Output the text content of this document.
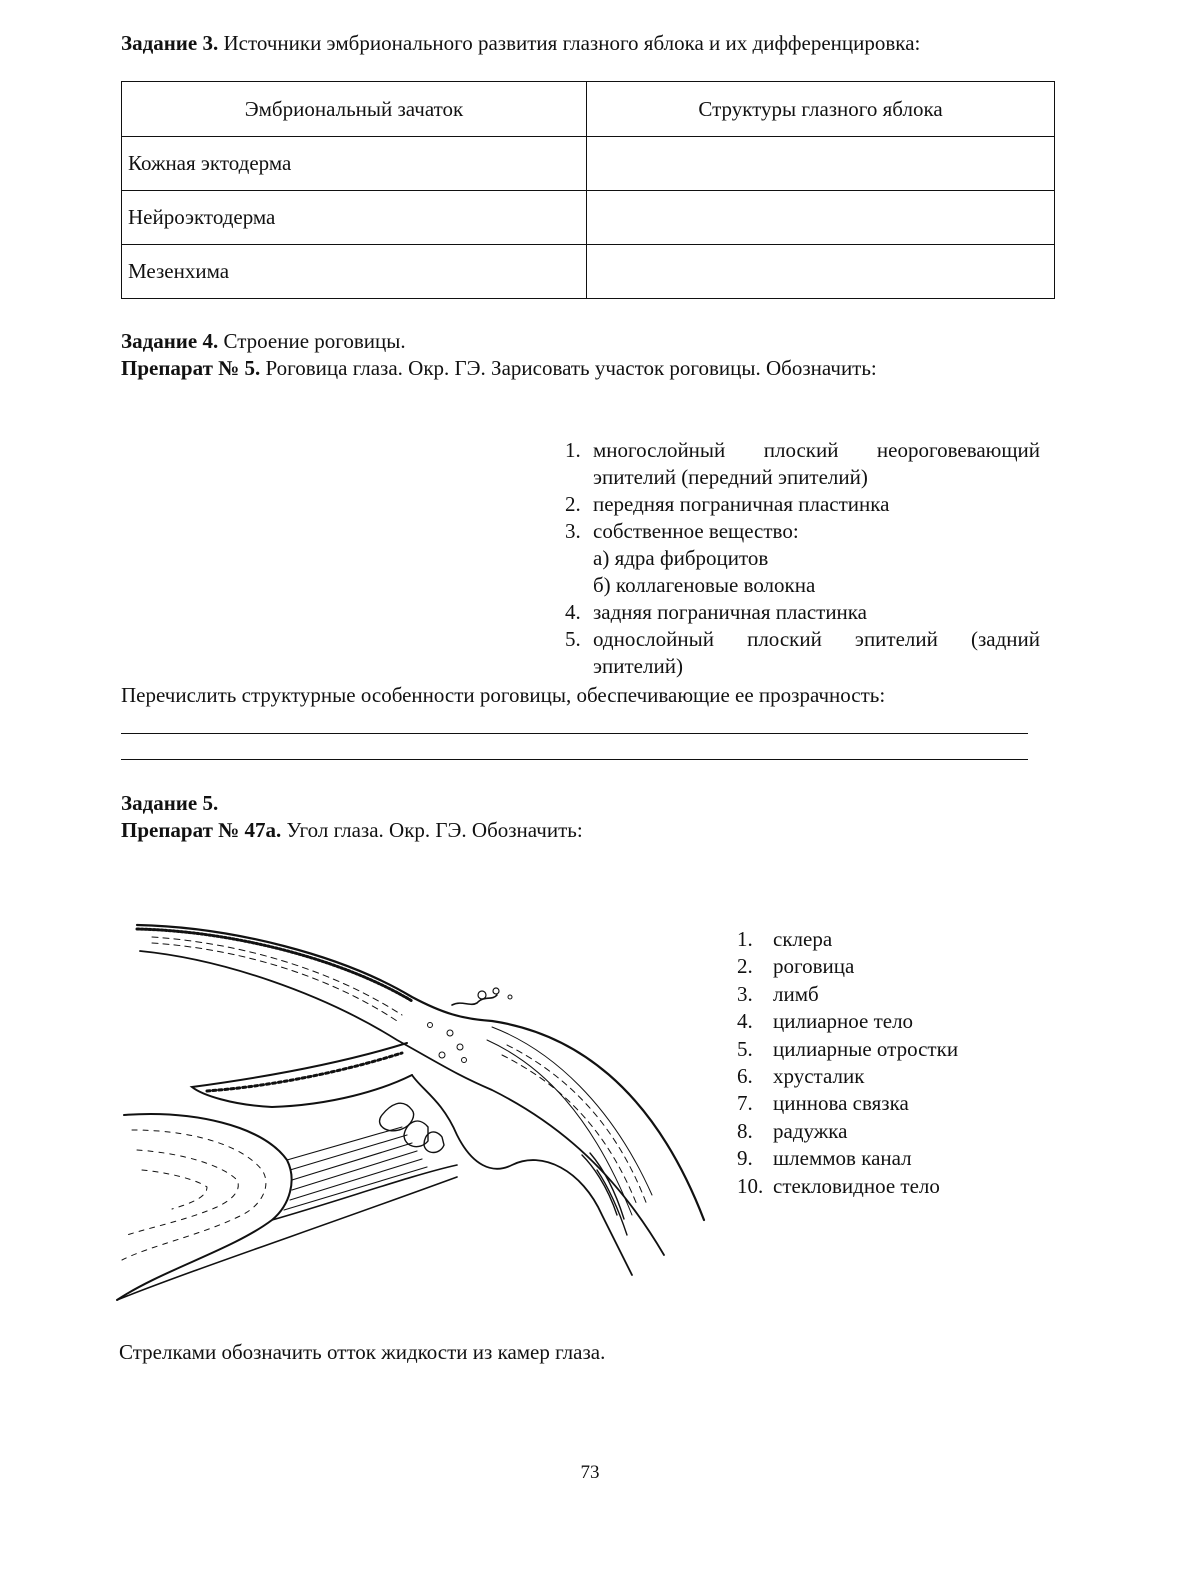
Задание 3. Источники эмбрионального развития глазного яблока и их дифференцировка:
Эмбриональный зачаток	Структуры глазного яблока
Кожная эктодерма	
Нейроэктодерма	
Мезенхима	
Задание 4. Строение роговицы.
Препарат № 5. Роговица глаза. Окр. ГЭ. Зарисовать участок роговицы. Обозначить:
1. многослойный плоский неороговевающий
эпителий (передний эпителий)
2. передняя пограничная пластинка
3. собственное вещество:
а) ядра фиброцитов
б) коллагеновые волокна
4. задняя пограничная пластинка
5. однослойный плоский эпителий (задний
эпителий)
Перечислить структурные особенности роговицы, обеспечивающие ее прозрачность:
Задание 5.
Препарат № 47а. Угол глаза. Окр. ГЭ. Обозначить:
1. склера
2. роговица
3. лимб
4. цилиарное тело
5. цилиарные отростки
6. хрусталик
7. циннова связка
8. радужка
9. шлеммов канал
10. стекловидное тело
Стрелками обозначить отток жидкости из камер глаза.
73
